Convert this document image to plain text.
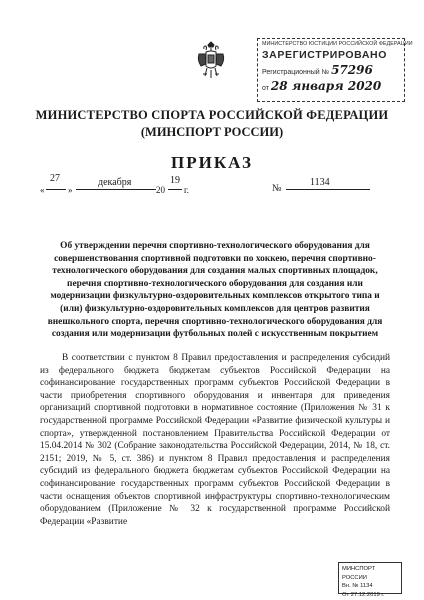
МИНИСТЕРСТВО ЮСТИЦИИ РОССИЙСКОЙ ФЕДЕРАЦИИ
ЗАРЕГИСТРИРОВАНО
Регистрационный № 57296
от 28 января 2020
МИНИСТЕРСТВО СПОРТА РОССИЙСКОЙ ФЕДЕРАЦИИ
(МИНСПОРТ РОССИИ)
ПРИКАЗ
«
27
»
декабря
20
19
г.	№
1134
Об утверждении перечня спортивно-технологического оборудования для совершенствования спортивной подготовки по хоккею, перечня спортивно-технологического оборудования для создания малых спортивных площадок, перечня спортивно-технологического оборудования для создания или модернизации физкультурно-оздоровительных комплексов открытого типа и (или) физкультурно-оздоровительных комплексов для центров развития внешкольного спорта, перечня спортивно-технологического оборудования для создания или модернизации футбольных полей с искусственным покрытием

В соответствии с пунктом 8 Правил предоставления и распределения субсидий из федерального бюджета бюджетам субъектов Российской Федерации на софинансирование государственных программ субъектов Российской Федерации в части приобретения спортивного оборудования и инвентаря для приведения организаций спортивной подготовки в нормативное состояние (Приложения № 31 к государственной программе Российской Федерации «Развитие физической культуры и спорта», утвержденной постановлением Правительства Российской Федерации от 15.04.2014 № 302 (Собрание законодательства Российской Федерации, 2014, № 18, ст. 2151; 2019, № 5, ст. 386) и пунктом 8 Правил предоставления и распределения субсидий из федерального бюджета бюджетам субъектов Российской Федерации на софинансирование государственных программ субъектов Российской Федерации в части оснащения объектов спортивной инфраструктуры спортивно-технологическим оборудованием (Приложение № 32 к государственной программе Российской Федерации «Развитие

МИНСПОРТ РОССИИ
Вн. № 1134
От 27.12.2019 г.
